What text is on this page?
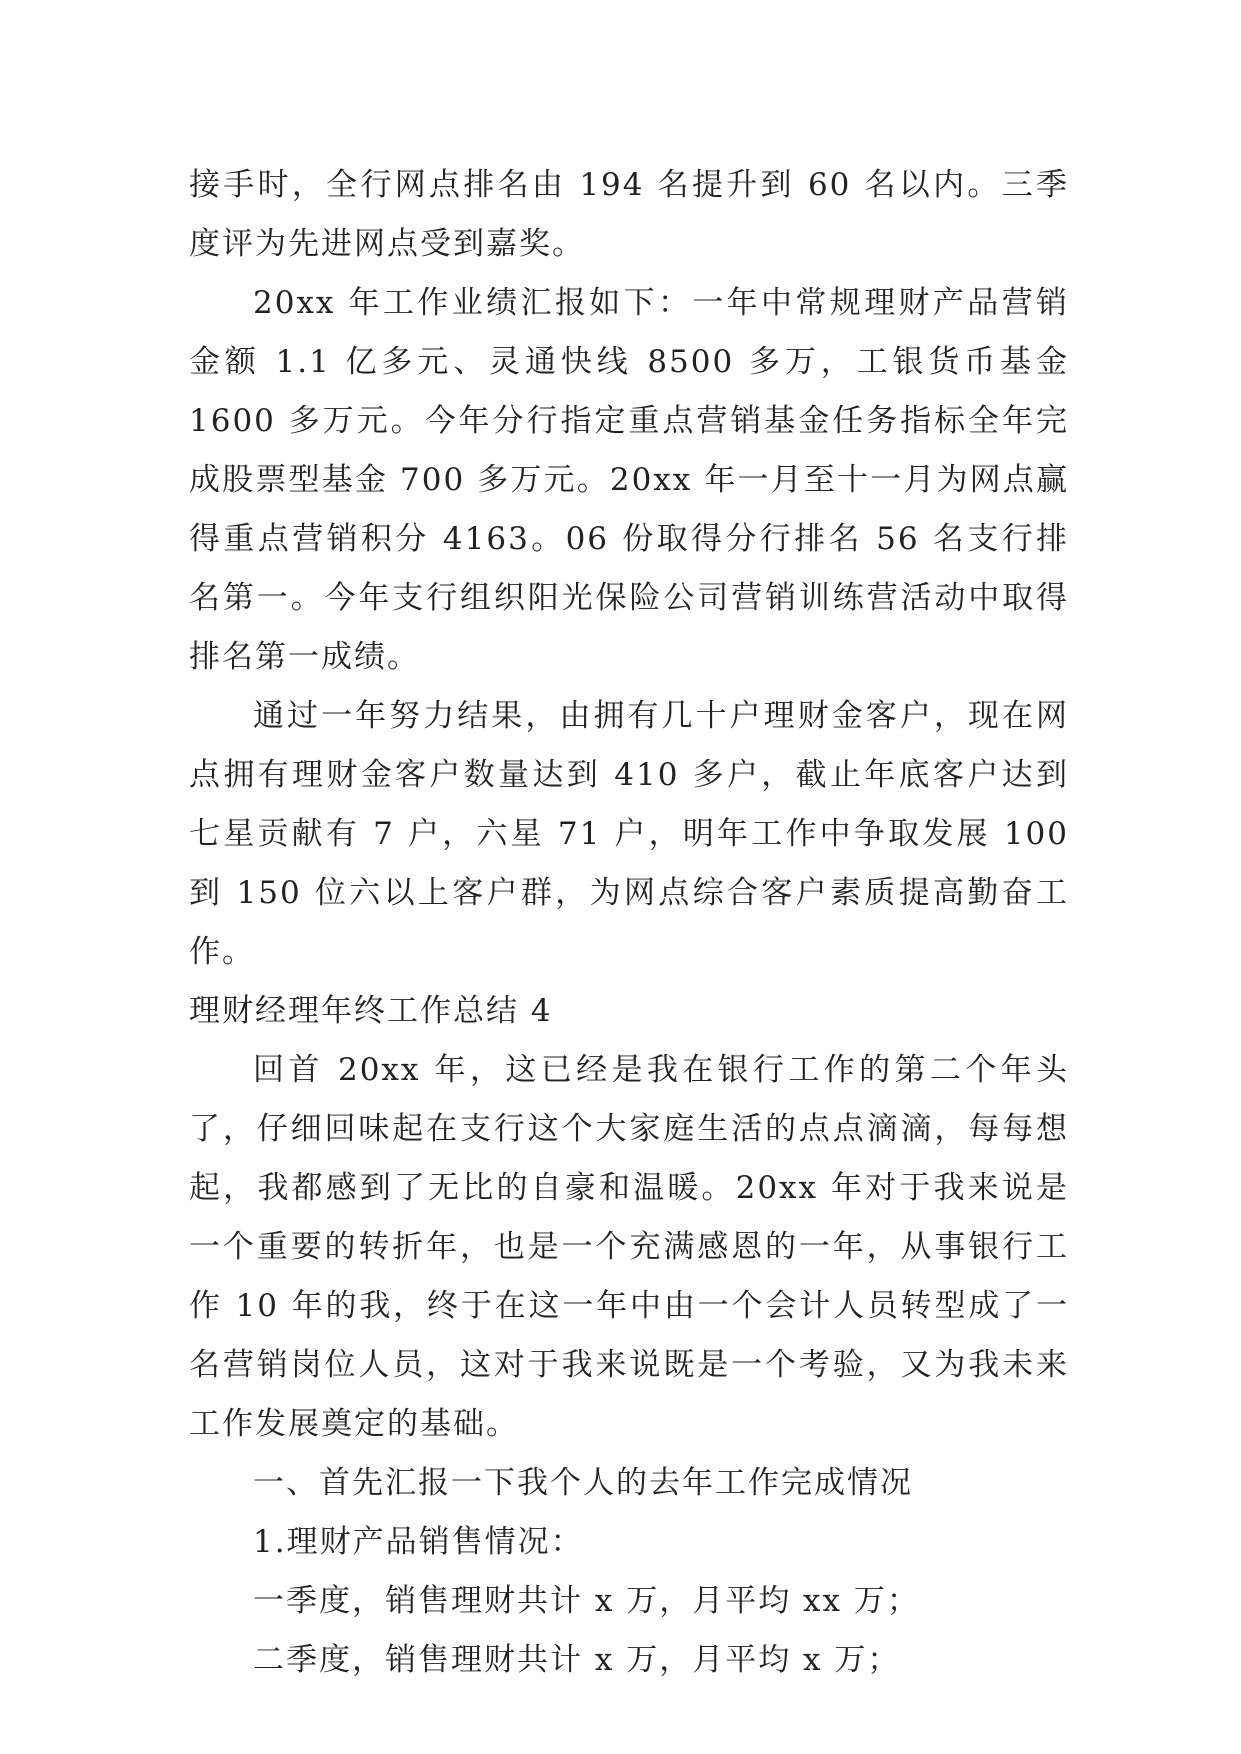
接手时，全行网点排名由 194 名提升到 60 名以内。三季度评为先进网点受到嘉奖。

20xx 年工作业绩汇报如下：一年中常规理财产品营销金额 1.1 亿多元、灵通快线 8500 多万，工银货币基金 1600 多万元。今年分行指定重点营销基金任务指标全年完成股票型基金 700 多万元。20xx 年一月至十一月为网点赢得重点营销积分 4163。06 份取得分行排名 56 名支行排名第一。今年支行组织阳光保险公司营销训练营活动中取得排名第一成绩。

通过一年努力结果，由拥有几十户理财金客户，现在网点拥有理财金客户数量达到 410 多户，截止年底客户达到七星贡献有 7 户，六星 71 户，明年工作中争取发展 100 到 150 位六以上客户群，为网点综合客户素质提高勤奋工作。

理财经理年终工作总结 4

回首 20xx 年，这已经是我在银行工作的第二个年头了，仔细回味起在支行这个大家庭生活的点点滴滴，每每想起，我都感到了无比的自豪和温暖。20xx 年对于我来说是一个重要的转折年，也是一个充满感恩的一年，从事银行工作 10 年的我，终于在这一年中由一个会计人员转型成了一名营销岗位人员，这对于我来说既是一个考验，又为我未来工作发展奠定的基础。

一、首先汇报一下我个人的去年工作完成情况

1.理财产品销售情况：

一季度，销售理财共计 x 万，月平均 xx 万；

二季度，销售理财共计 x 万，月平均 x 万；
